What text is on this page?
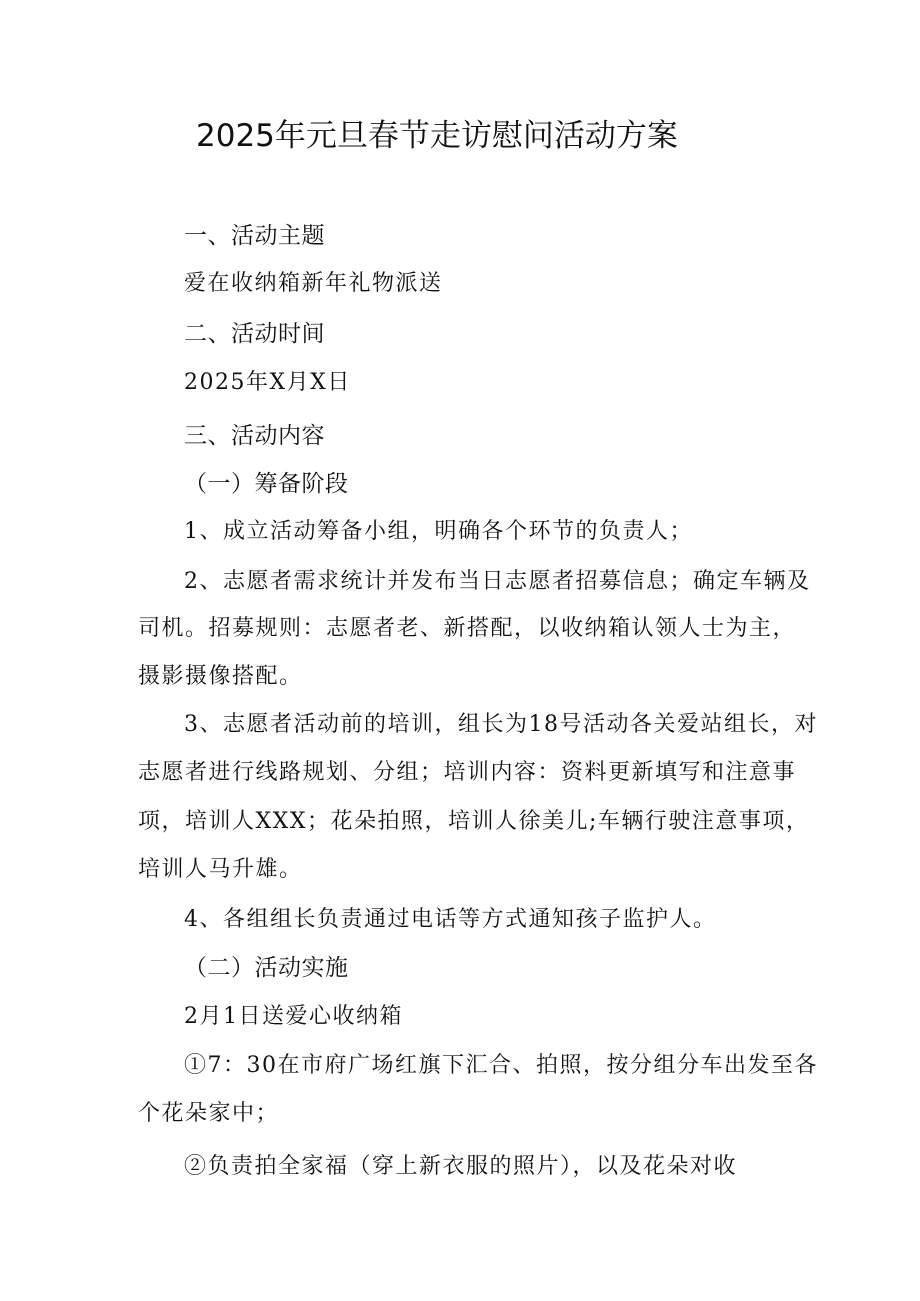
2025年元旦春节走访慰问活动方案
一、活动主题
爱在收纳箱新年礼物派送
二、活动时间
2025年X月X日
三、活动内容
（一）筹备阶段
1、成立活动筹备小组，明确各个环节的负责人；
2、志愿者需求统计并发布当日志愿者招募信息；确定车辆及
司机。招募规则：志愿者老、新搭配，以收纳箱认领人士为主，
摄影摄像搭配。
3、志愿者活动前的培训，组长为18号活动各关爱站组长，对
志愿者进行线路规划、分组；培训内容：资料更新填写和注意事
项，培训人XXX；花朵拍照，培训人徐美儿;车辆行驶注意事项，
培训人马升雄。
4、各组组长负责通过电话等方式通知孩子监护人。
（二）活动实施
2月1日送爱心收纳箱
①7：30在市府广场红旗下汇合、拍照，按分组分车出发至各
个花朵家中；
②负责拍全家福（穿上新衣服的照片），以及花朵对收
